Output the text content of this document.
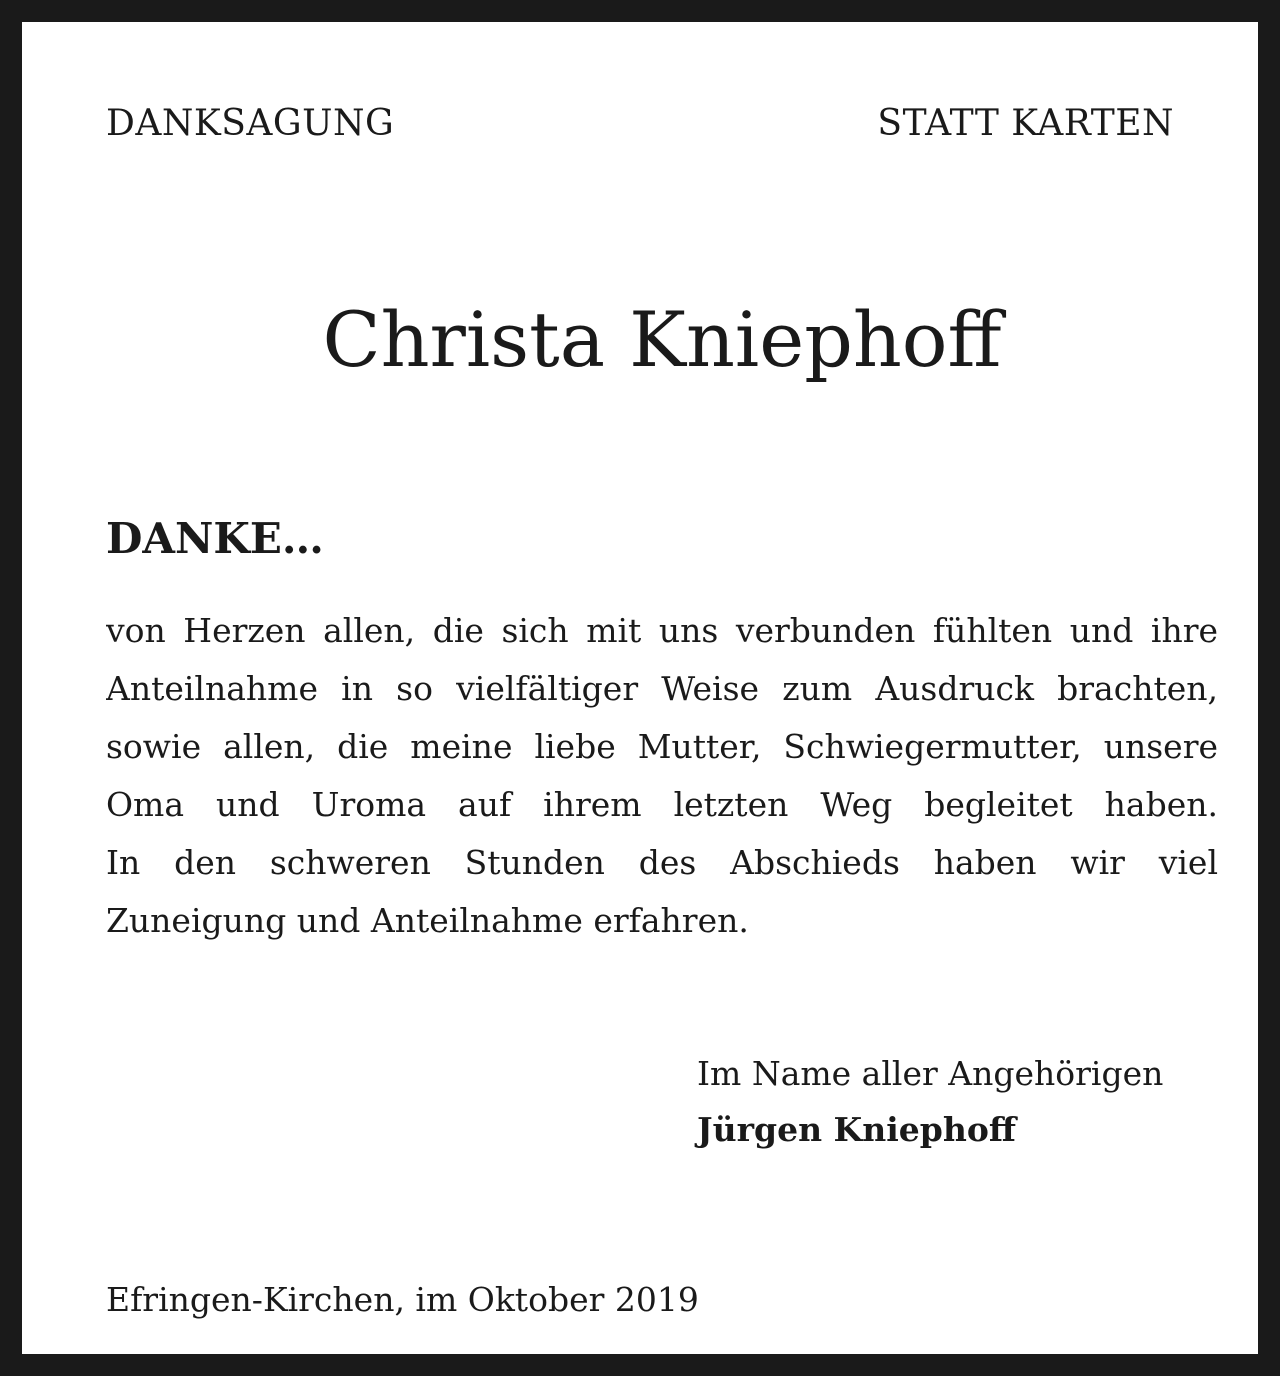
DANKSAGUNG	STATT KARTEN
Christa Kniephoff
DANKE…
von Herzen allen, die sich mit uns verbunden fühlten und ihre
Anteilnahme in so vielfältiger Weise zum Ausdruck brachten,
sowie allen, die meine liebe Mutter, Schwiegermutter, unsere
Oma und Uroma auf ihrem letzten Weg begleitet haben.
In den schweren Stunden des Abschieds haben wir viel
Zuneigung und Anteilnahme erfahren.
Im Name aller Angehörigen
Jürgen Kniephoff
Efringen-Kirchen, im Oktober 2019
